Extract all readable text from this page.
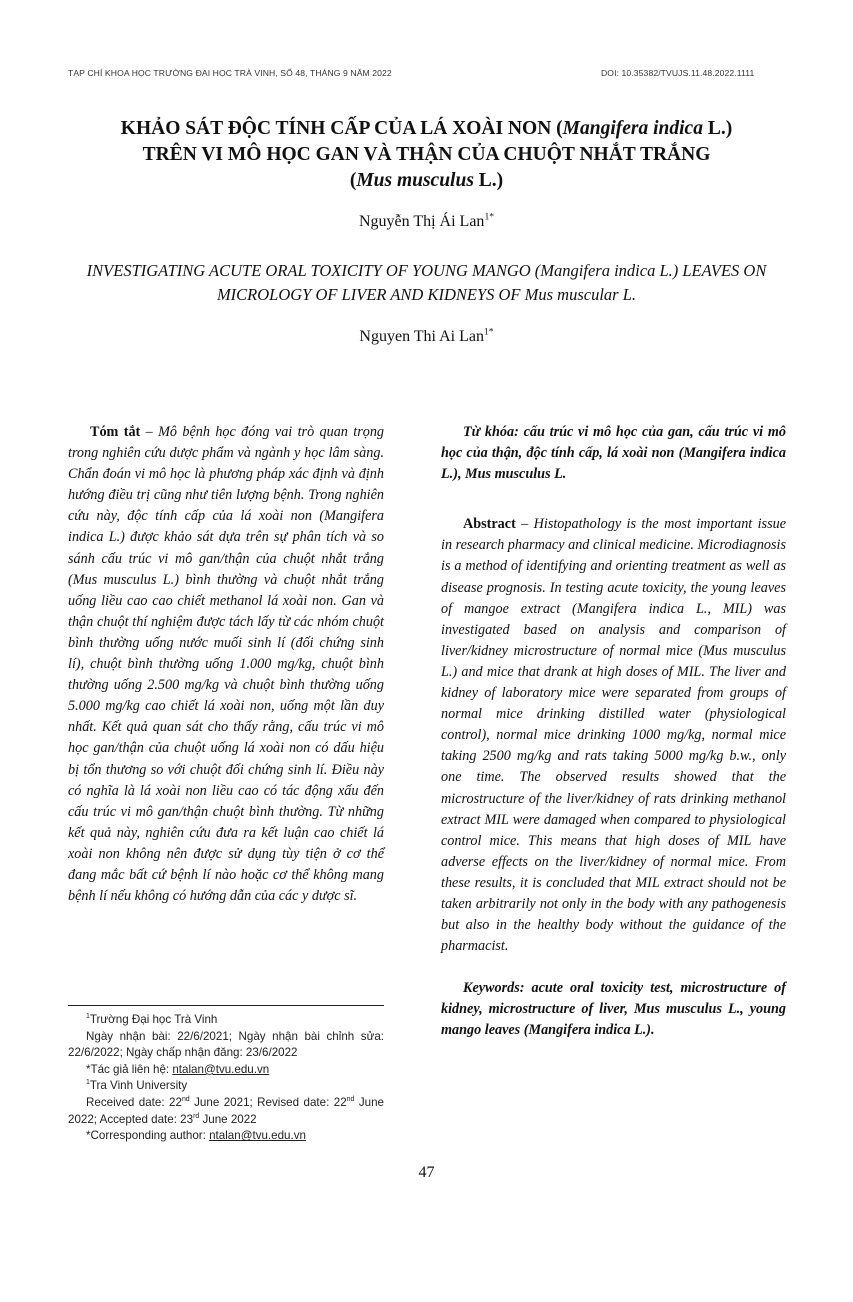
TẠP CHÍ KHOA HỌC TRƯỜNG ĐẠI HỌC TRÀ VINH, SỐ 48, THÁNG 9 NĂM 2022	DOI: 10.35382/TVUJS.11.48.2022.1111
KHẢO SÁT ĐỘC TÍNH CẤP CỦA LÁ XOÀI NON (Mangifera indica L.)
TRÊN VI MÔ HỌC GAN VÀ THẬN CỦA CHUỘT NHẮT TRẮNG
(Mus musculus L.)
Nguyễn Thị Ái Lan$^{1*}$
INVESTIGATING ACUTE ORAL TOXICITY OF YOUNG MANGO (Mangifera indica L.) LEAVES ON MICROLOGY OF LIVER AND KIDNEYS OF Mus muscular L.
Nguyen Thi Ai Lan$^{1*}$

Tóm tắt – Mô bệnh học đóng vai trò quan trọng trong nghiên cứu dược phẩm và ngành y học lâm sàng. Chẩn đoán vi mô học là phương pháp xác định và định hướng điều trị cũng như tiên lượng bệnh. Trong nghiên cứu này, độc tính cấp của lá xoài non (Mangifera indica L.) được khảo sát dựa trên sự phân tích và so sánh cấu trúc vi mô gan/thận của chuột nhắt trắng (Mus musculus L.) bình thường và chuột nhắt trắng uống liều cao cao chiết methanol lá xoài non. Gan và thận chuột thí nghiệm được tách lấy từ các nhóm chuột bình thường uống nước muối sinh lí (đối chứng sinh lí), chuột bình thường uống 1.000 mg/kg, chuột bình thường uống 2.500 mg/kg và chuột bình thường uống 5.000 mg/kg cao chiết lá xoài non, uống một lần duy nhất. Kết quả quan sát cho thấy rằng, cấu trúc vi mô học gan/thận của chuột uống lá xoài non có dấu hiệu bị tổn thương so với chuột đối chứng sinh lí. Điều này có nghĩa là lá xoài non liều cao có tác động xấu đến cấu trúc vi mô gan/thận chuột bình thường. Từ những kết quả này, nghiên cứu đưa ra kết luận cao chiết lá xoài non không nên được sử dụng tùy tiện ở cơ thể đang mắc bất cứ bệnh lí nào hoặc cơ thể không mang bệnh lí nếu không có hướng dẫn của các y dược sĩ.

Từ khóa: cấu trúc vi mô học của gan, cấu trúc vi mô học của thận, độc tính cấp, lá xoài non (Mangifera indica L.), Mus musculus L.

Abstract – Histopathology is the most important issue in research pharmacy and clinical medicine. Microdiagnosis is a method of identifying and orienting treatment as well as disease prognosis. In testing acute toxicity, the young leaves of mangoe extract (Mangifera indica L., MIL) was investigated based on analysis and comparison of liver/kidney microstructure of normal mice (Mus musculus L.) and mice that drank at high doses of MIL. The liver and kidney of laboratory mice were separated from groups of normal mice drinking distilled water (physiological control), normal mice drinking 1000 mg/kg, normal mice taking 2500 mg/kg and rats taking 5000 mg/kg b.w., only one time. The observed results showed that the microstructure of the liver/kidney of rats drinking methanol extract MIL were damaged when compared to physiological control mice. This means that high doses of MIL have adverse effects on the liver/kidney of normal mice. From these results, it is concluded that MIL extract should not be taken arbitrarily not only in the body with any pathogenesis but also in the healthy body without the guidance of the pharmacist.

Keywords: acute oral toxicity test, microstructure of kidney, microstructure of liver, Mus musculus L., young mango leaves (Mangifera indica L.).

$^1$Trường Đại học Trà Vinh

Ngày nhận bài: 22/6/2021; Ngày nhận bài chỉnh sửa: 22/6/2022; Ngày chấp nhận đăng: 23/6/2022

*Tác giả liên hệ: ntalan@tvu.edu.vn

$^1$Tra Vinh University

Received date: 22nd June 2021; Revised date: 22nd June 2022; Accepted date: 23rd June 2022

*Corresponding author: ntalan@tvu.edu.vn

47
